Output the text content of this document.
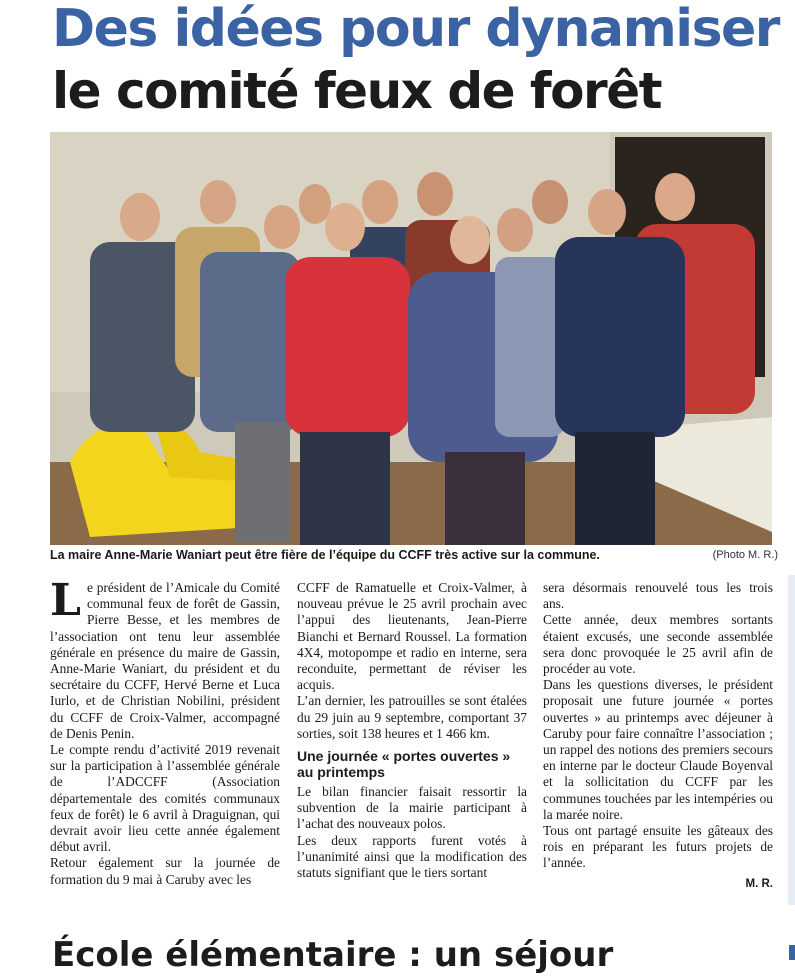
Des idées pour dynamiser
le comité feux de forêt
La maire Anne-Marie Waniart peut être fière de l’équipe du CCFF très active sur la commune.	(Photo M. R.)

Le président de l’Amicale du Comité communal feux de forêt de Gassin, Pierre Besse, et les membres de l’association ont tenu leur assemblée générale en présence du maire de Gassin, Anne-Marie Waniart, du président et du secrétaire du CCFF, Hervé Berne et Luca Iurlo, et de Christian Nobilini, président du CCFF de Croix-Valmer, accompagné de Denis Penin.

Le compte rendu d’activité 2019 revenait sur la participation à l’assemblée générale de l’ADCCFF (Association départementale des comités communaux feux de forêt) le 6 avril à Draguignan, qui devrait avoir lieu cette année également début avril.

Retour également sur la journée de formation du 9 mai à Caruby avec les

CCFF de Ramatuelle et Croix-Valmer, à nouveau prévue le 25 avril prochain avec l’appui des lieutenants, Jean-Pierre Bianchi et Bernard Roussel. La formation 4X4, motopompe et radio en interne, sera reconduite, permettant de réviser les acquis.

L’an dernier, les patrouilles se sont étalées du 29 juin au 9 septembre, comportant 37 sorties, soit 138 heures et 1 466 km.

Une journée « portes ouvertes » au printemps

Le bilan financier faisait ressortir la subvention de la mairie participant à l’achat des nouveaux polos.

Les deux rapports furent votés à l’unanimité ainsi que la modification des statuts signifiant que le tiers sortant

sera désormais renouvelé tous les trois ans.

Cette année, deux membres sortants étaient excusés, une seconde assemblée sera donc provoquée le 25 avril afin de procéder au vote.

Dans les questions diverses, le président proposait une future journée « portes ouvertes » au printemps avec déjeuner à Caruby pour faire connaître l’association ; un rappel des notions des premiers secours en interne par le docteur Claude Boyenval et la sollicitation du CCFF par les communes touchées par les intempéries ou la marée noire.

Tous ont partagé ensuite les gâteaux des rois en préparant les futurs projets de l’année.

M. R.
École élémentaire : un séjour
